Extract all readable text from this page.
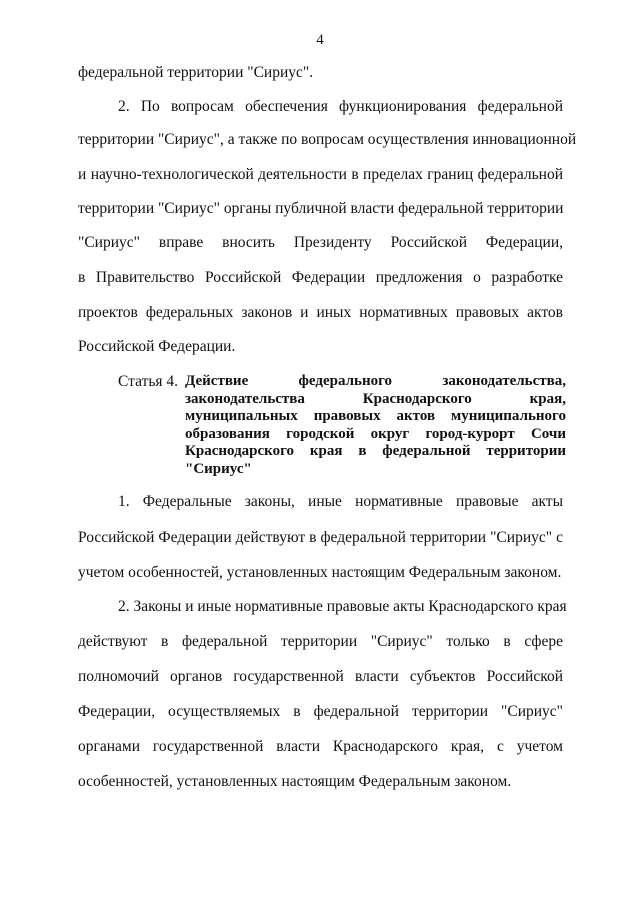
4
федеральной территории "Сириус".
2. По вопросам обеспечения функционирования федеральной
территории "Сириус", а также по вопросам осуществления инновационной
и научно-технологической деятельности в пределах границ федеральной
территории "Сириус" органы публичной власти федеральной территории
"Сириус" вправе вносить Президенту Российской Федерации,
в Правительство Российской Федерации предложения о разработке
проектов федеральных законов и иных нормативных правовых актов
Российской Федерации.
Статья 4. Действие федерального законодательства,
законодательства Краснодарского края,
муниципальных правовых актов муниципального
образования городской округ город-курорт Сочи
Краснодарского края в федеральной территории
"Сириус"
1. Федеральные законы, иные нормативные правовые акты
Российской Федерации действуют в федеральной территории "Сириус" с
учетом особенностей, установленных настоящим Федеральным законом.
2. Законы и иные нормативные правовые акты Краснодарского края
действуют в федеральной территории "Сириус" только в сфере
полномочий органов государственной власти субъектов Российской
Федерации, осуществляемых в федеральной территории "Сириус"
органами государственной власти Краснодарского края, с учетом
особенностей, установленных настоящим Федеральным законом.
